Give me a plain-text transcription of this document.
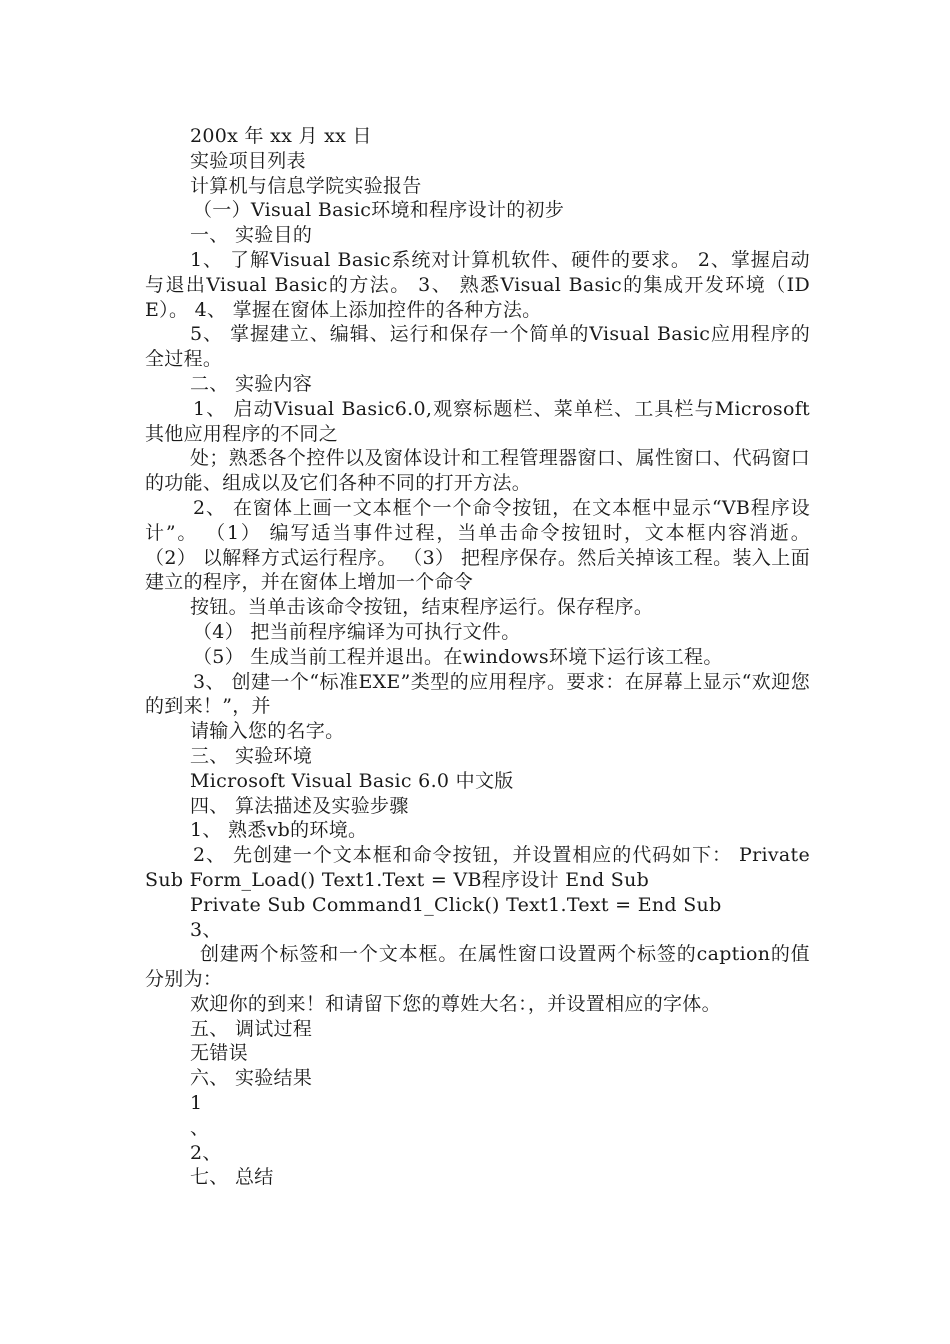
200x 年 xx 月 xx 日

实验项目列表

计算机与信息学院实验报告

（一）Visual Basic环境和程序设计的初步

一、 实验目的

1、 了解Visual Basic系统对计算机软件、硬件的要求。 2、掌握启动与退出Visual Basic的方法。 3、 熟悉Visual Basic的集成开发环境（IDE）。 4、 掌握在窗体上添加控件的各种方法。

5、 掌握建立、编辑、运行和保存一个简单的Visual Basic应用程序的全过程。

二、 实验内容

1、 启动Visual Basic6.0,观察标题栏、菜单栏、工具栏与Microsoft其他应用程序的不同之

处；熟悉各个控件以及窗体设计和工程管理器窗口、属性窗口、代码窗口的功能、组成以及它们各种不同的打开方法。

2、 在窗体上画一文本框个一个命令按钮，在文本框中显示“VB程序设计”。 （1） 编写适当事件过程，当单击命令按钮时，文本框内容消逝。 （2） 以解释方式运行程序。 （3） 把程序保存。然后关掉该工程。装入上面建立的程序，并在窗体上增加一个命令

按钮。当单击该命令按钮，结束程序运行。保存程序。

（4） 把当前程序编译为可执行文件。

（5） 生成当前工程并退出。在windows环境下运行该工程。

3、 创建一个“标准EXE”类型的应用程序。要求：在屏幕上显示“欢迎您的到来！”，并

请输入您的名字。

三、 实验环境

Microsoft Visual Basic 6.0 中文版

四、 算法描述及实验步骤

1、 熟悉vb的环境。

2、 先创建一个文本框和命令按钮，并设置相应的代码如下： Private Sub Form_Load() Text1.Text = VB程序设计 End Sub

Private Sub Command1_Click() Text1.Text = End Sub

3、

创建两个标签和一个文本框。在属性窗口设置两个标签的caption的值分别为：

欢迎你的到来！和请留下您的尊姓大名：，并设置相应的字体。

五、 调试过程

无错误

六、 实验结果

1

、

2、

七、 总结
